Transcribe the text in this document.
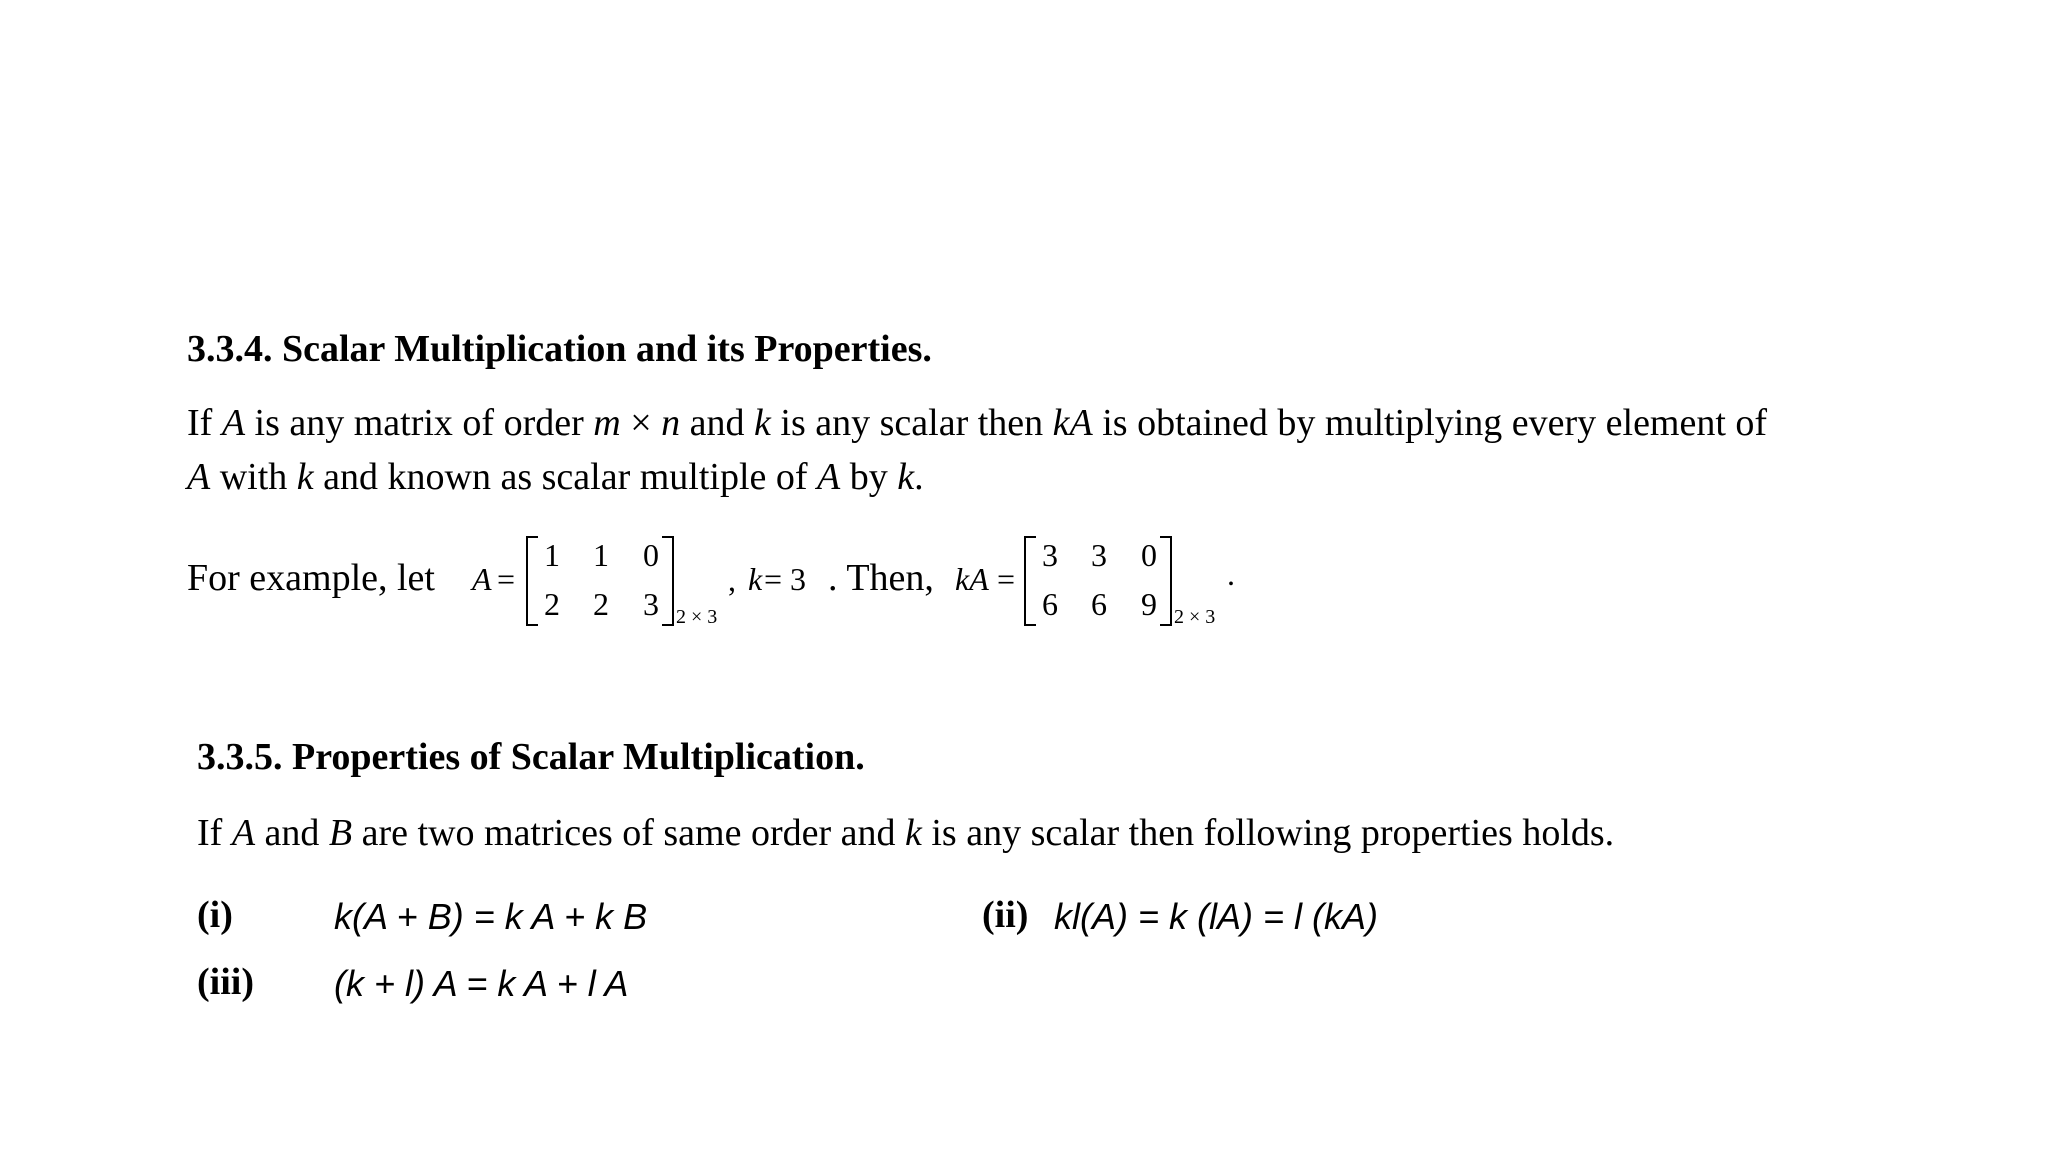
3.3.4. Scalar Multiplication and its Properties.
If A is any matrix of order m × n and k is any scalar then kA is obtained by multiplying every element of
A with k and known as scalar multiple of A by k.
For example, let A =
1 1 0
2 2 3 2 × 3
, k = 3 . Then, kA =
3 3 0
6 6 9 2 × 3
.
3.3.5. Properties of Scalar Multiplication.
If A and B are two matrices of same order and k is any scalar then following properties holds.
(i)	k(A + B) = k A + k B	(ii) kl(A) = k (lA) = l (kA)
(iii) (k + l) A = k A + l A
